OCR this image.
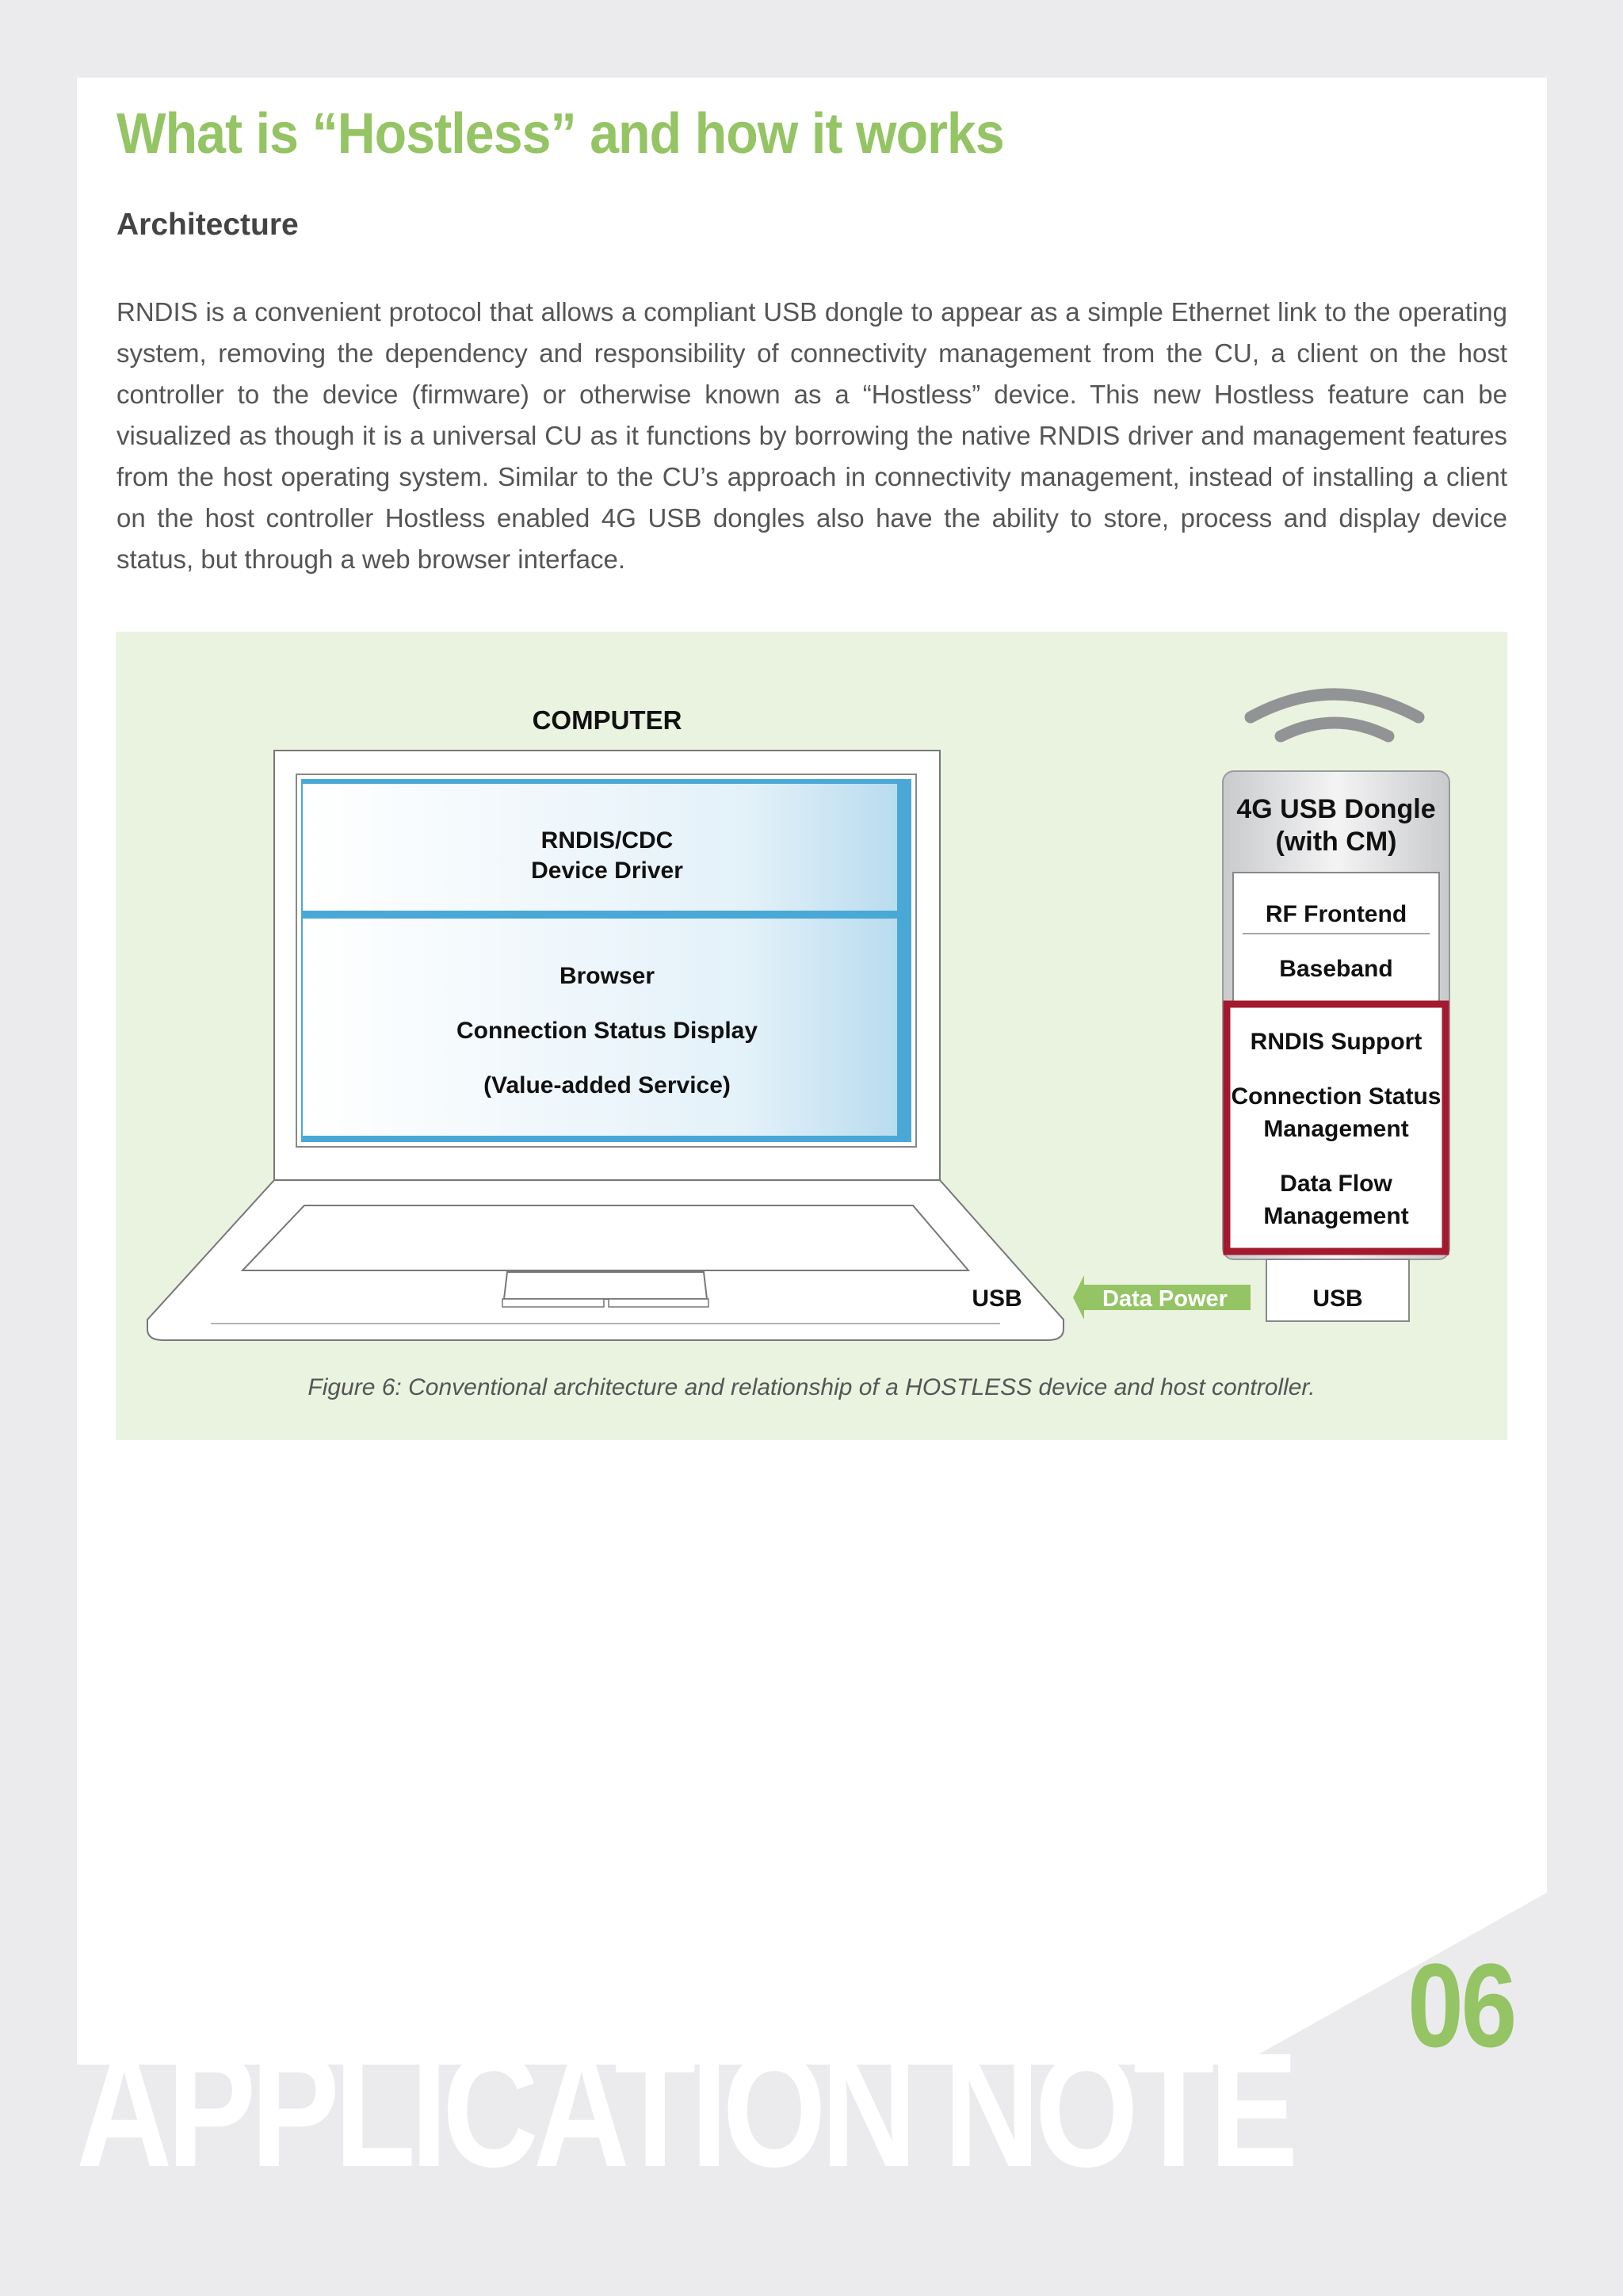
What is “Hostless” and how it works
Architecture

RNDIS is a convenient protocol that allows a compliant USB dongle to appear as a simple Ethernet link to the operating system, removing the dependency and responsibility of connectivity management from the CU, a client on the host controller to the device (firmware) or otherwise known as a “Hostless” device. This new Hostless feature can be visualized as though it is a universal CU as it functions by borrowing the native RNDIS driver and management features from the host operating system. Similar to the CU’s approach in connectivity management, instead of installing a client on the host controller Hostless enabled 4G USB dongles also have the ability to store, process and display device status, but through a web browser interface.

COMPUTER
RNDIS/CDC
Device Driver
Browser
Connection Status Display
(Value-added Service)
USB	Data Power
4G USB Dongle
(with CM)
RF Frontend
Baseband
RNDIS Support
Connection Status
Management
Data Flow
Management
USB

Figure 6: Conventional architecture and relationship of a HOSTLESS device and host controller.

APPLICATION NOTE

06
